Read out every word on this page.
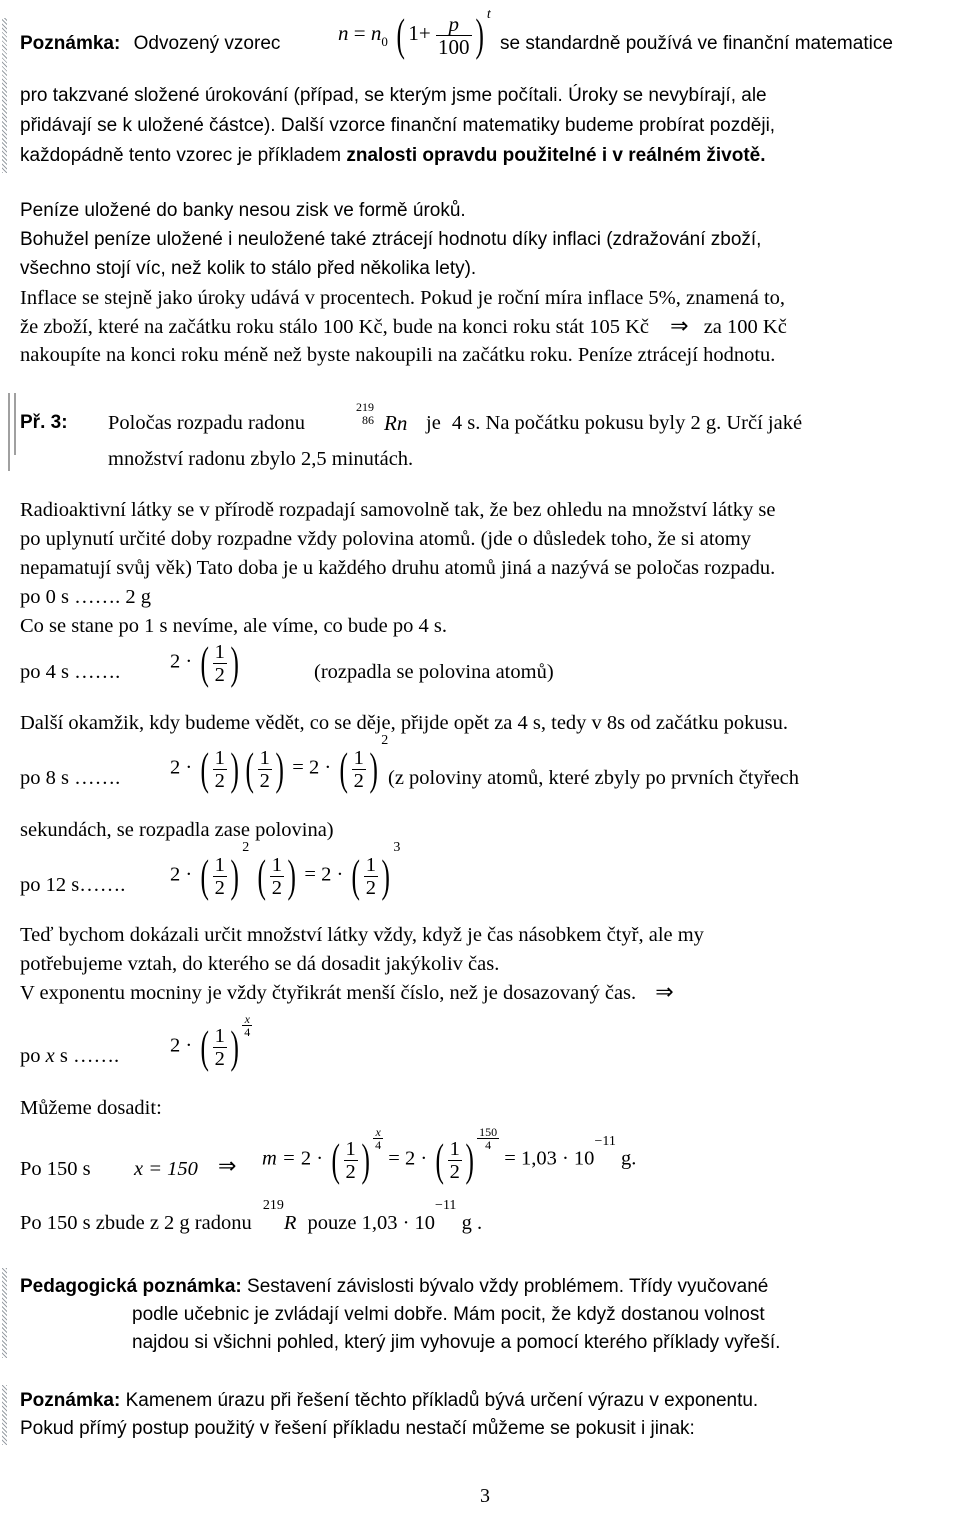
Poznámka: Odvozený vzorec	$n = n_0$ ( $1+ \frac{p}{100}$ ) $^t$
se standardně používá ve finanční matematice
pro takzvané složené úrokování (případ, se kterým jsme počítali. Úroky se nevybírají, ale
přidávají se k uložené částce). Další vzorce finanční matematiky budeme probírat později,
každopádně tento vzorec je příkladem znalosti opravdu použitelné i v reálném životě.
Peníze uložené do banky nesou zisk ve formě úroků.
Bohužel peníze uložené i neuložené také ztrácejí hodnotu díky inflaci (zdražování zboží,
všechno stojí víc, než kolik to stálo před několika lety).
Inflace se stejně jako úroky udává v procentech. Pokud je roční míra inflace 5%, znamená to,
že zboží, které na začátku roku stálo 100 Kč, bude na konci roku stát 105 Kč ⇒ za 100 Kč
nakoupíte na konci roku méně než byste nakoupili na začátku roku. Peníze ztrácejí hodnotu.
Př. 3: Poločas rozpadu radonu
219
86 Rn je 4 s. Na počátku pokusu byly 2 g. Určí jaké
množství radonu zbylo 2,5 minutách.
Radioaktivní látky se v přírodě rozpadají samovolně tak, že bez ohledu na množství látky se
po uplynutí určité doby rozpadne vždy polovina atomů. (jde o důsledek toho, že si atomy
nepamatují svůj věk) Tato doba je u každého druhu atomů jiná a nazývá se poločas rozpadu.
po 0 s ……. 2 g
Co se stane po 1 s nevíme, ale víme, co bude po 4 s.
po 4 s ……. 2 · ( $\frac{1}{2}$ )	(rozpadla se polovina atomů)
Další okamžik, kdy budeme vědět, co se děje, přijde opět za 4 s, tedy v 8s od začátku pokusu.
po 8 s ……. 2 · ( $\frac{1}{2}$ ) ( $\frac{1}{2}$ ) = 2 · ( $\frac{1}{2} )^2$
(z poloviny atomů, které zbyly po prvních čtyřech
sekundách, se rozpadla zase polovina)
po 12 s……. 2 · ( $\frac{1}{2} )^2$ ( $\frac{1}{2}$ ) = 2 · ( $\frac{1}{2} )^3$
Teď bychom dokázali určit množství látky vždy, když je čas násobkem čtyř, ale my
potřebujeme vztah, do kterého se dá dosadit jakýkoliv čas.
V exponentu mocniny je vždy čtyřikrát menší číslo, než je dosazovaný čas. ⇒
po x s ……. 2 · ( $\frac{1}{2}$ ) $\frac{x}{4}$
Můžeme dosadit:
Po 150 s x = 150 ⇒ m = 2 · ( $\frac{1}{2}$ ) $\frac{x}{4}$
= 2 · ( $\frac{1}{2}$ ) $\frac{150}{4}$
= $1,03 \cdot 10^{-11}$ g.
Po 150 s zbude z 2 g radonu $^{219}$R pouze $1,03 \cdot 10^{-11}$ g .
Pedagogická poznámka: Sestavení závislosti bývalo vždy problémem. Třídy vyučované
podle učebnic je zvládají velmi dobře. Mám pocit, že když dostanou volnost
najdou si všichni pohled, který jim vyhovuje a pomocí kterého příklady vyřeší.
Poznámka: Kamenem úrazu při řešení těchto příkladů bývá určení výrazu v exponentu.
Pokud přímý postup použitý v řešení příkladu nestačí můžeme se pokusit i jinak:
3
